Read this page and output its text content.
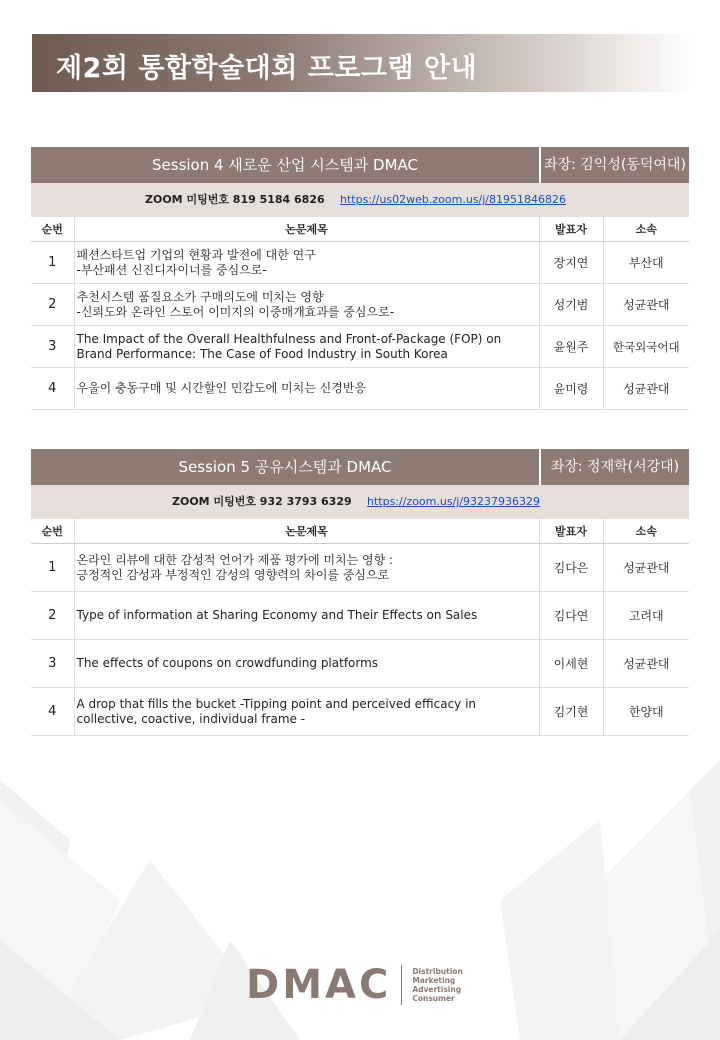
제2회 통합학술대회 프로그램 안내
Session 4 새로운 산업 시스템과 DMAC	좌장: 김익성(동덕여대)
ZOOM 미팅번호 819 5184 6826 https://us02web.zoom.us/j/81951846826
순번	논문제목	발표자	소속
1	패션스타트업 기업의 현황과 발전에 대한 연구
-부산패션 신진디자이너를 중심으로-	장지연	부산대
2	추천시스템 품질요소가 구매의도에 미치는 영향
-신뢰도와 온라인 스토어 이미지의 이중매개효과를 중심으로-	성기범	성균관대
3	The Impact of the Overall Healthfulness and Front-of-Package (FOP) on
Brand Performance: The Case of Food Industry in South Korea	윤원주	한국외국어대
4	우울이 충동구매 및 시간할인 민감도에 미치는 신경반응	윤미령	성균관대
Session 5 공유시스템과 DMAC	좌장: 정재학(서강대)
ZOOM 미팅번호 932 3793 6329 https://zoom.us/j/93237936329
순번	논문제목	발표자	소속
1	온라인 리뷰에 대한 감성적 언어가 제품 평가에 미치는 영향 :
긍정적인 감성과 부정적인 감성의 영향력의 차이를 중심으로	김다은	성균관대
2	Type of information at Sharing Economy and Their Effects on Sales	김다연	고려대
3	The effects of coupons on crowdfunding platforms	이세현	성균관대
4	A drop that fills the bucket -Tipping point and perceived efficacy in
collective, coactive, individual frame -	김기현	한양대
DMAC	Distribution
Marketing
Advertising
Consumer
